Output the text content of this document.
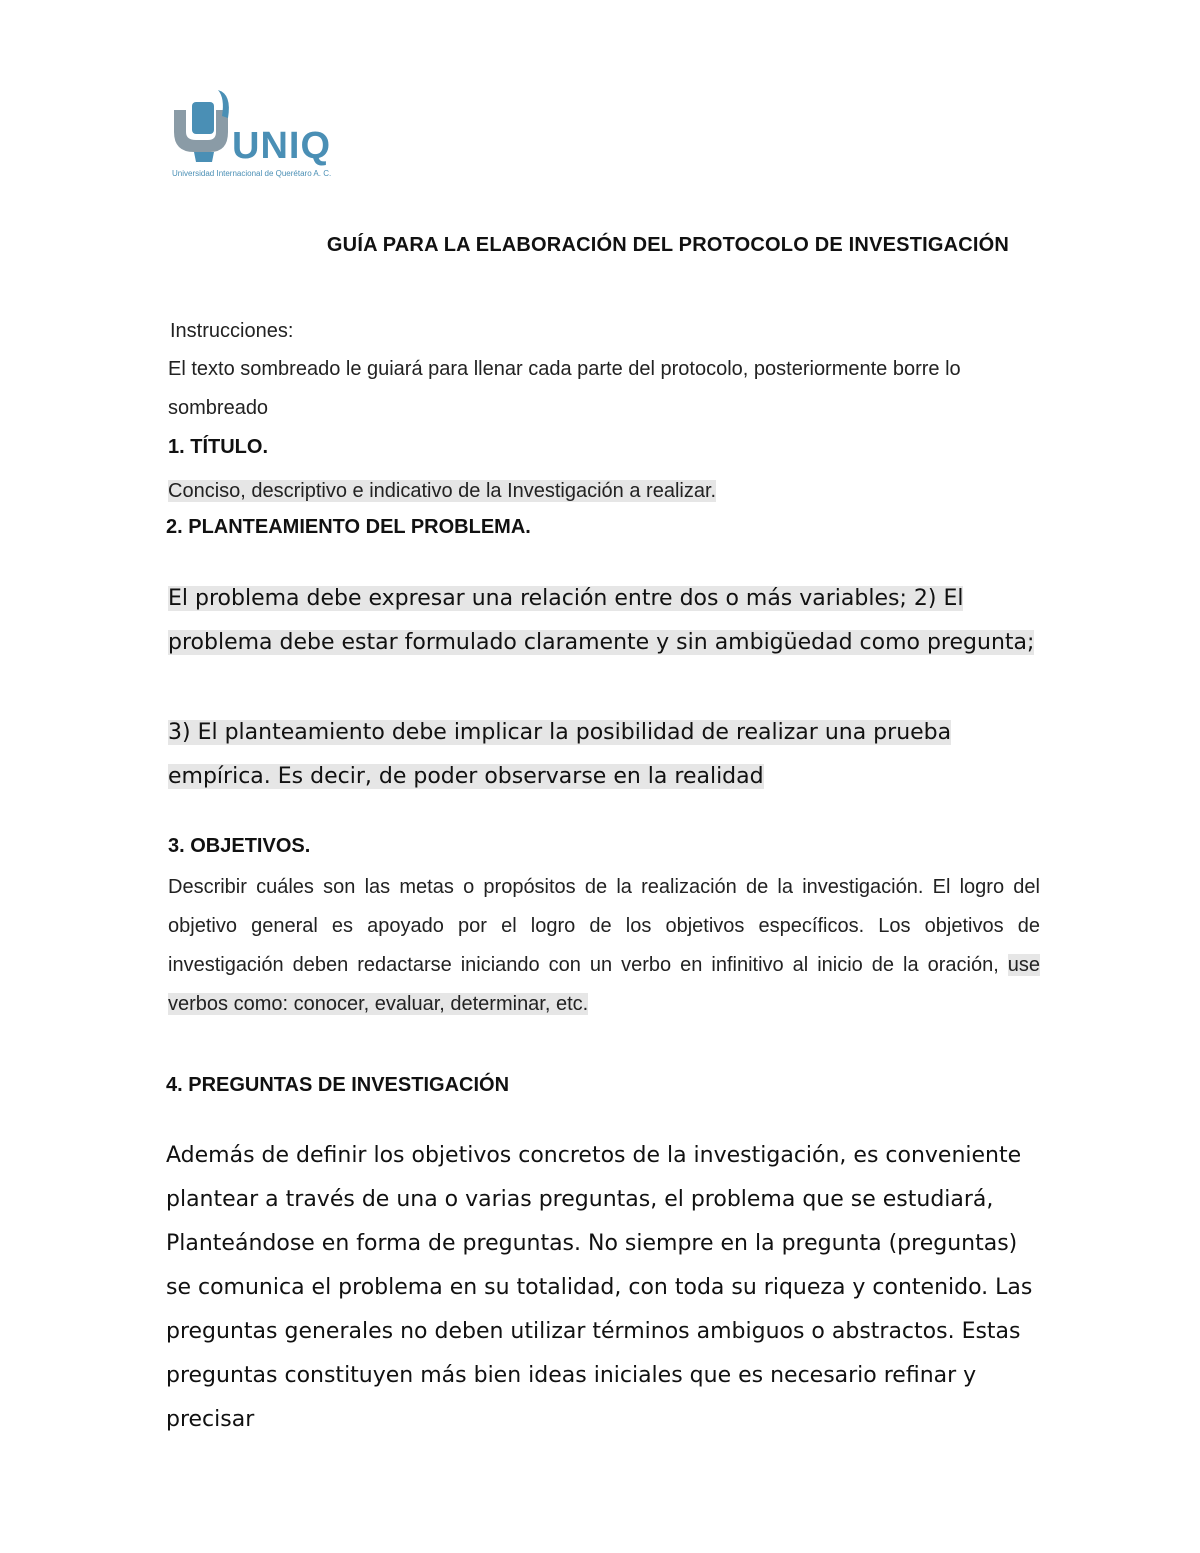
UNIQ
Universidad Internacional de Querétaro A. C.
GUÍA PARA LA ELABORACIÓN DEL PROTOCOLO DE INVESTIGACIÓN
Instrucciones:
El texto sombreado le guiará para llenar cada parte del protocolo, posteriormente borre lo sombreado
1. TÍTULO.
Conciso, descriptivo e indicativo de la Investigación a realizar.
2. PLANTEAMIENTO DEL PROBLEMA.
El problema debe expresar una relación entre dos o más variables; 2) El problema debe estar formulado claramente y sin ambigüedad como pregunta;
3) El planteamiento debe implicar la posibilidad de realizar una prueba empírica. Es decir, de poder observarse en la realidad
3. OBJETIVOS.
Describir cuáles son las metas o propósitos de la realización de la investigación. El logro del objetivo general es apoyado por el logro de los objetivos específicos. Los objetivos de investigación deben redactarse iniciando con un verbo en infinitivo al inicio de la oración, use verbos como: conocer, evaluar, determinar, etc.
4. PREGUNTAS DE INVESTIGACIÓN
Además de definir los objetivos concretos de la investigación, es conveniente plantear a través de una o varias preguntas, el problema que se estudiará, Planteándose en forma de preguntas. No siempre en la pregunta (preguntas) se comunica el problema en su totalidad, con toda su riqueza y contenido. Las preguntas generales no deben utilizar términos ambiguos o abstractos. Estas preguntas constituyen más bien ideas iniciales que es necesario refinar y precisar
